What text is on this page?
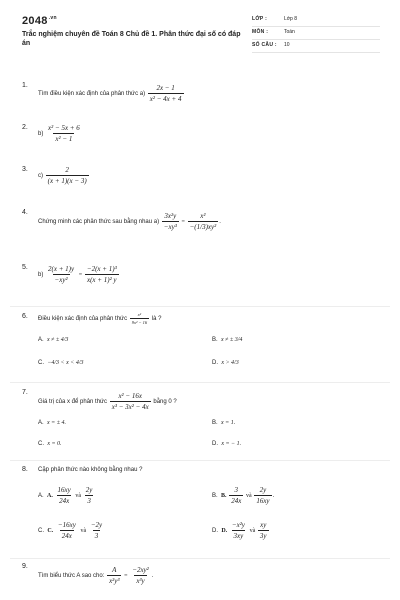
$2048^{.vn}$
Trắc nghiệm chuyên đề Toán 8 Chủ đề 1. Phân thức đại số có đáp án
LỚP :	Lớp 8
MÔN :	Toán
SỐ CÂU : 10
1.
Tìm điều kiện xác định của phân thức $a) \frac{2x - 1}{\text{x² − 4x + 4}}$
2.
$b) \frac{\text{x² − 5x + 6}}{\text{x² − 1}}$
3.
$c) \frac{2}{(x + 1)(x - 3)}$
4.
Chứng minh các phân thức sau bằng nhau $a) \frac{\text{3x²y}}{\text{−xy³}} = \frac{\text{x²}}{\text{−(1/3)xy²}}$ .
5.
$b) \frac{2(x + 1)y}{\text{−xy²}} = \frac{\text{−2(x + 1)³}}{\text{x(x + 1)² y}}$
6. Điều kiện xác định của phân thức $\frac{\text{x²}}{\text{9x² − 16}}$ là ?
A. x ≠ ± 4/3	B. x ≠ ± 3/4
C. −4/3 < x < 4/3	D. x > 4/3
7.
Giá trị của x để phân thức $\frac{\text{x² − 16x}}{\text{x³ − 3x² − 4x}}$ bằng 0 ?
A. x = ± 4.	B. x = 1.
C. x = 0.	D. x = − 1.
8. Cặp phân thức nào không bằng nhau ?
A. A. $\frac{16xy}{24x}$ và $\frac{2y}{3}$	B. B. $\frac{3}{24x}$ và $\frac{2y}{16xy}$ .
C. C. $\frac{-16xy}{24x}$ và $\frac{-2y}{3}$	D. D. $\frac{\text{−x²y}}{3xy}$ và $\frac{xy}{3y}$
9.
Tìm biểu thức A sao cho: $\frac{A}{\text{x²y³}} = \frac{\text{−2xy²}}{\text{x³y}}$ .
